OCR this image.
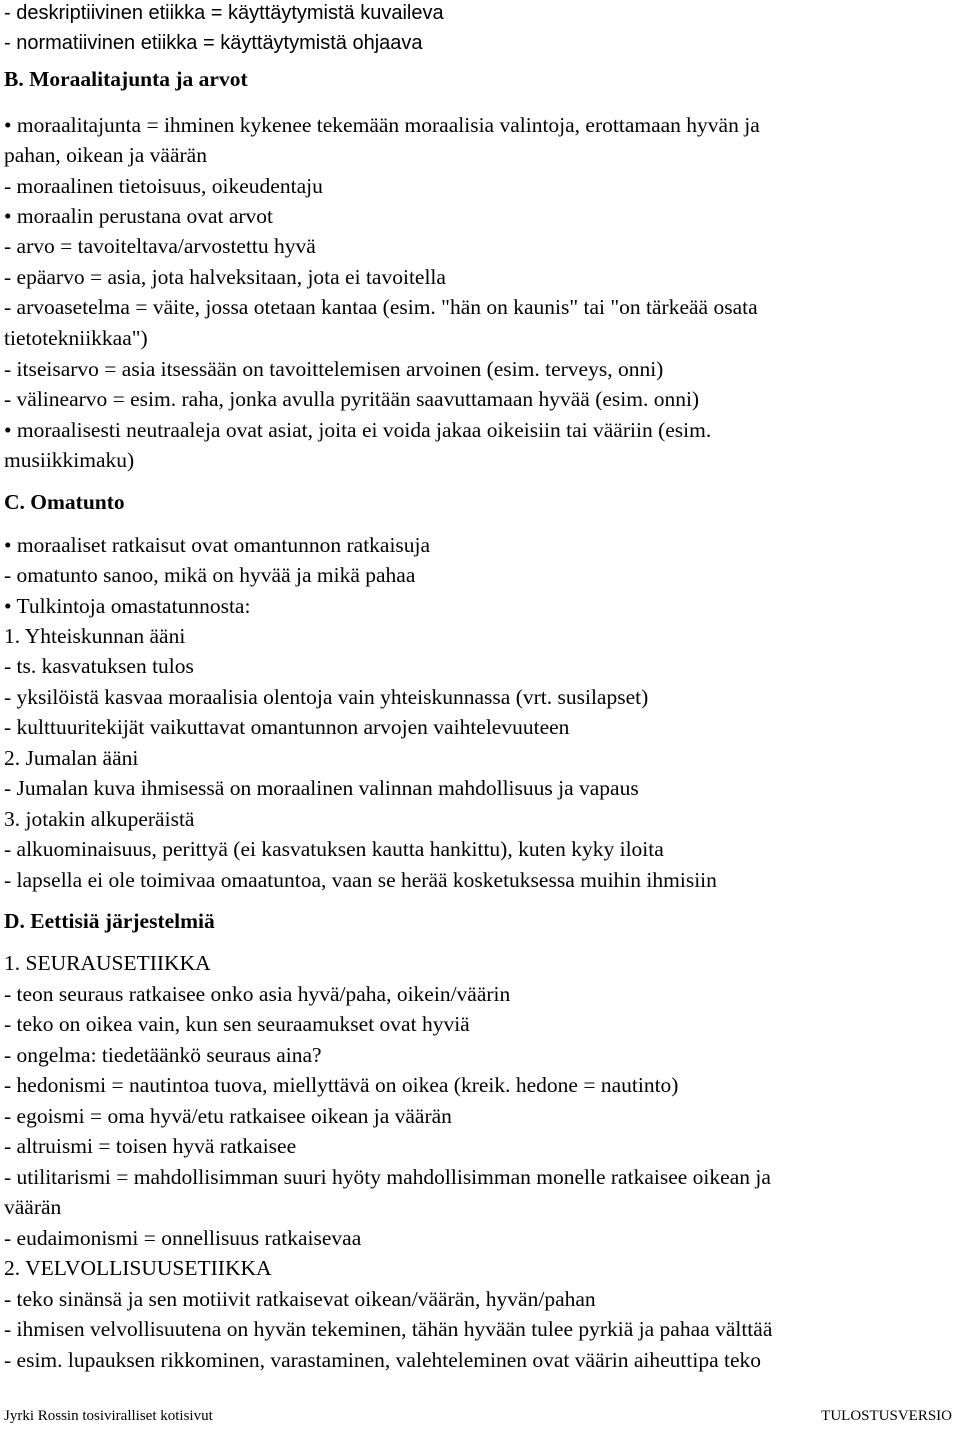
- deskriptiivinen etiikka = käyttäytymistä kuvaileva

- normatiivinen etiikka = käyttäytymistä ohjaava

B. Moraalitajunta ja arvot

• moraalitajunta = ihminen kykenee tekemään moraalisia valintoja, erottamaan hyvän ja

pahan, oikean ja väärän

- moraalinen tietoisuus, oikeudentaju

• moraalin perustana ovat arvot

- arvo = tavoiteltava/arvostettu hyvä

- epäarvo = asia, jota halveksitaan, jota ei tavoitella

- arvoasetelma = väite, jossa otetaan kantaa (esim. "hän on kaunis" tai "on tärkeää osata

tietotekniikkaa")

- itseisarvo = asia itsessään on tavoittelemisen arvoinen (esim. terveys, onni)

- välinearvo = esim. raha, jonka avulla pyritään saavuttamaan hyvää (esim. onni)

• moraalisesti neutraaleja ovat asiat, joita ei voida jakaa oikeisiin tai vääriin (esim.

musiikkimaku)

C. Omatunto

• moraaliset ratkaisut ovat omantunnon ratkaisuja

- omatunto sanoo, mikä on hyvää ja mikä pahaa

• Tulkintoja omastatunnosta:

1. Yhteiskunnan ääni

- ts. kasvatuksen tulos

- yksilöistä kasvaa moraalisia olentoja vain yhteiskunnassa (vrt. susilapset)

- kulttuuritekijät vaikuttavat omantunnon arvojen vaihtelevuuteen

2. Jumalan ääni

- Jumalan kuva ihmisessä on moraalinen valinnan mahdollisuus ja vapaus

3. jotakin alkuperäistä

- alkuominaisuus, perittyä (ei kasvatuksen kautta hankittu), kuten kyky iloita

- lapsella ei ole toimivaa omaatuntoa, vaan se herää kosketuksessa muihin ihmisiin

D. Eettisiä järjestelmiä

1. SEURAUSETIIKKA

- teon seuraus ratkaisee onko asia hyvä/paha, oikein/väärin

- teko on oikea vain, kun sen seuraamukset ovat hyviä

- ongelma: tiedetäänkö seuraus aina?

- hedonismi = nautintoa tuova, miellyttävä on oikea (kreik. hedone = nautinto)

- egoismi = oma hyvä/etu ratkaisee oikean ja väärän

- altruismi = toisen hyvä ratkaisee

- utilitarismi = mahdollisimman suuri hyöty mahdollisimman monelle ratkaisee oikean ja

väärän

- eudaimonismi = onnellisuus ratkaisevaa

2. VELVOLLISUUSETIIKKA

- teko sinänsä ja sen motiivit ratkaisevat oikean/väärän, hyvän/pahan

- ihmisen velvollisuutena on hyvän tekeminen, tähän hyvään tulee pyrkiä ja pahaa välttää

- esim. lupauksen rikkominen, varastaminen, valehteleminen ovat väärin aiheuttipa teko

Jyrki Rossin tosiviralliset kotisivut	TULOSTUSVERSIO
